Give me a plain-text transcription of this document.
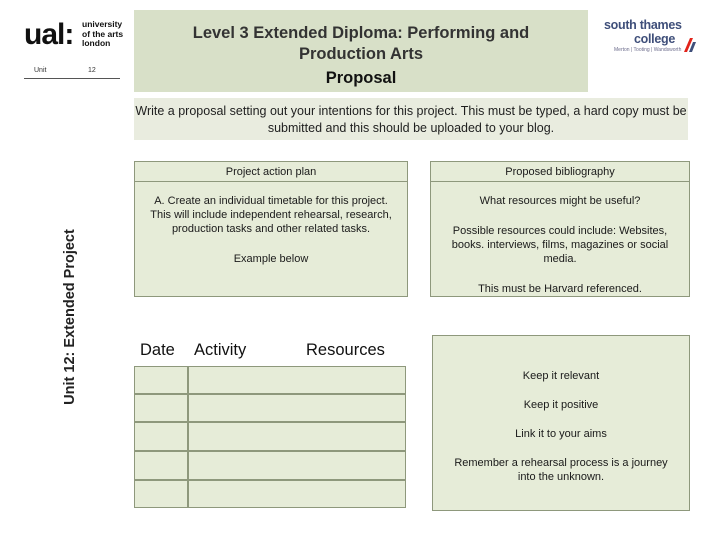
ual: university
of the arts
london
Unit	12
Level 3 Extended Diploma: Performing and
Production Arts
Proposal
south thames
college
Merton | Tooting | Wandsworth
Write a proposal setting out your intentions for this project. This must be typed, a hard copy must be submitted and this should be uploaded to your blog.
Unit 12: Extended Project
Project action plan
A. Create an individual timetable for this project. This will include independent rehearsal, research, production tasks and other related tasks.
Example below
Proposed bibliography
What resources might be useful?
Possible resources could include: Websites, books. interviews, films, magazines or social media.
This must be Harvard referenced.
Date Activity	Resources
Keep it relevant
Keep it positive
Link it to your aims
Remember a rehearsal process is a journey into the unknown.
